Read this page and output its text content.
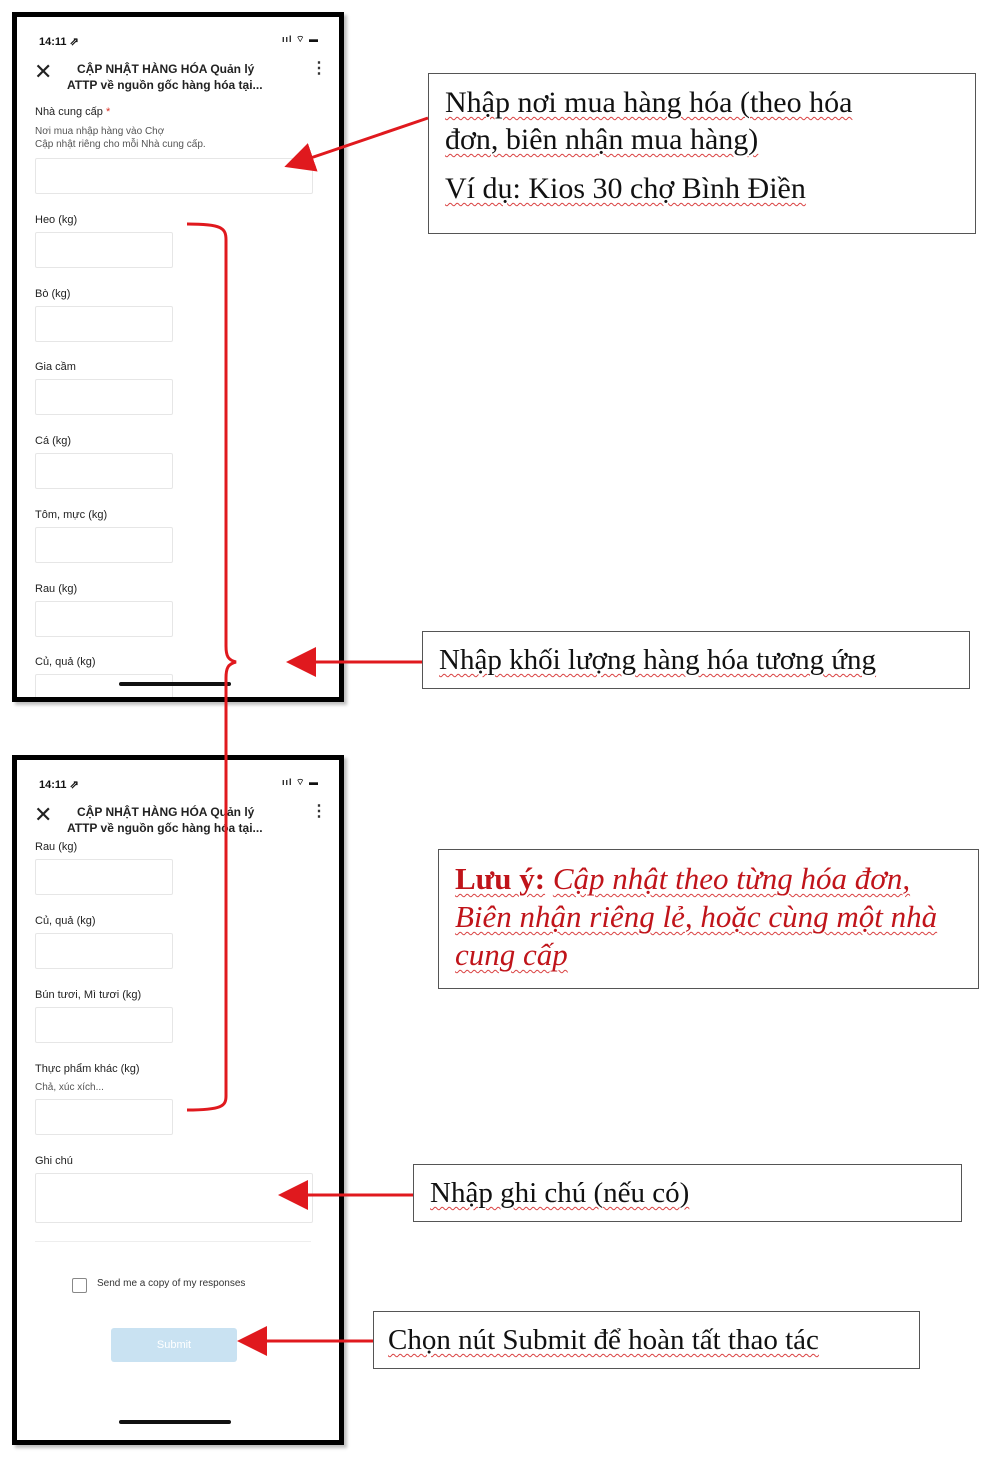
14:11 ⇗	ııl ⌔ ▬
✕	CẬP NHẬT HÀNG HÓA Quản lý
ATTP về nguồn gốc hàng hóa tại...
⋮
Nhà cung cấp *
Nơi mua nhập hàng vào Chợ
Cập nhật riêng cho mỗi Nhà cung cấp.
Heo (kg)
Bò (kg)
Gia cầm
Cá (kg)
Tôm, mực (kg)
Rau (kg)
Củ, quả (kg)
14:11 ⇗	ııl ⌔ ▬
✕	CẬP NHẬT HÀNG HÓA Quản lý
ATTP về nguồn gốc hàng hóa tại...
⋮
Rau (kg)
Củ, quả (kg)
Bún tươi, Mì tươi (kg)
Thực phẩm khác (kg)
Chả, xúc xích...
Ghi chú
Send me a copy of my responses
Submit
Nhập nơi mua hàng hóa (theo hóa
đơn, biên nhận mua hàng)
Ví dụ: Kios 30 chợ Bình Điền
Nhập khối lượng hàng hóa tương ứng
Lưu ý: Cập nhật theo từng hóa đơn, Biên nhận riêng lẻ, hoặc cùng một nhà cung cấp
Nhập ghi chú (nếu có)
Chọn nút Submit để hoàn tất thao tác
